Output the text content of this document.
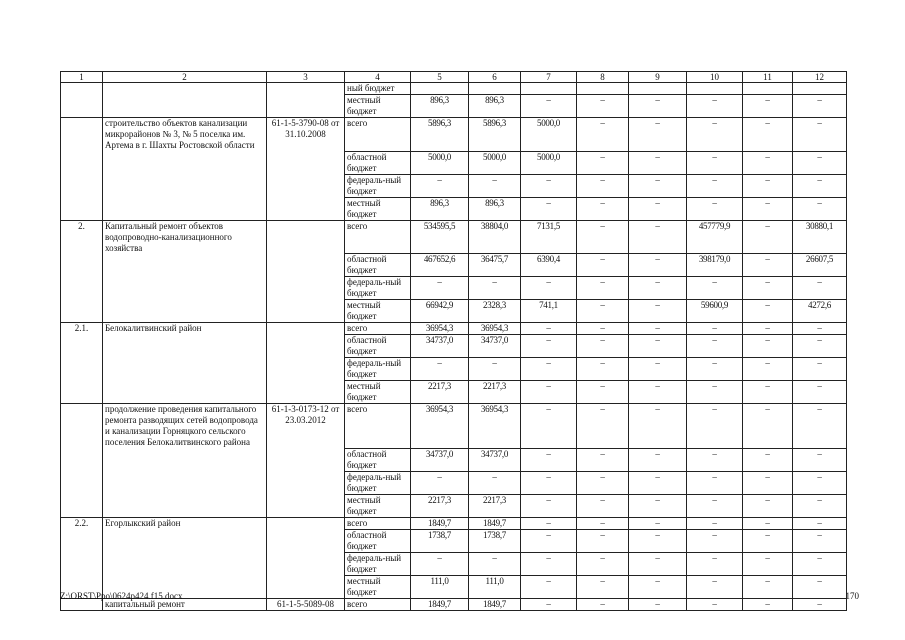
1	2	3	4	5	6	7	8	9	10	11	12
			ный бюджет								
			местный бюджет	896,3	896,3	–	–	–	–	–	–
	строительство объектов канализации микрорайонов № 3, № 5 поселка им. Артема в г. Шахты Ростовской области	61-1-5-3790-08 от 31.10.2008	всего	5896,3	5896,3	5000,0	–	–	–	–	–
			областной бюджет	5000,0	5000,0	5000,0	–	–	–	–	–
			федераль-ный бюджет	–	–	–	–	–	–	–	–
			местный бюджет	896,3	896,3	–	–	–	–	–	–
2.	Капитальный ремонт объектов водопроводно-канализационного хозяйства		всего	534595,5	38804,0	7131,5	–	–	457779,9	–	30880,1
			областной бюджет	467652,6	36475,7	6390,4	–	–	398179,0	–	26607,5
			федераль-ный бюджет	–	–	–	–	–	–	–	–
			местный бюджет	66942,9	2328,3	741,1	–	–	59600,9	–	4272,6
2.1.	Белокалитвинский район		всего	36954,3	36954,3	–	–	–	–	–	–
			областной бюджет	34737,0	34737,0	–	–	–	–	–	–
			федераль-ный бюджет	–	–	–	–	–	–	–	–
			местный бюджет	2217,3	2217,3	–	–	–	–	–	–
	продолжение проведения капитального ремонта разводящих сетей водопровода и канализации Горняцкого сельского поселения Белокалитвинского района	61-1-3-0173-12 от 23.03.2012	всего	36954,3	36954,3	–	–	–	–	–	–
			областной бюджет	34737,0	34737,0	–	–	–	–	–	–
			федераль-ный бюджет	–	–	–	–	–	–	–	–
			местный бюджет	2217,3	2217,3	–	–	–	–	–	–
2.2.	Егорлыкский район		всего	1849,7	1849,7	–	–	–	–	–	–
			областной бюджет	1738,7	1738,7	–	–	–	–	–	–
			федераль-ный бюджет	–	–	–	–	–	–	–	–
			местный бюджет	111,0	111,0	–	–	–	–	–	–
	капитальный ремонт	61-1-5-5089-08	всего	1849,7	1849,7	–	–	–	–	–	–
Z:\ORST\Ppo\0624p424.f15.docx	170
